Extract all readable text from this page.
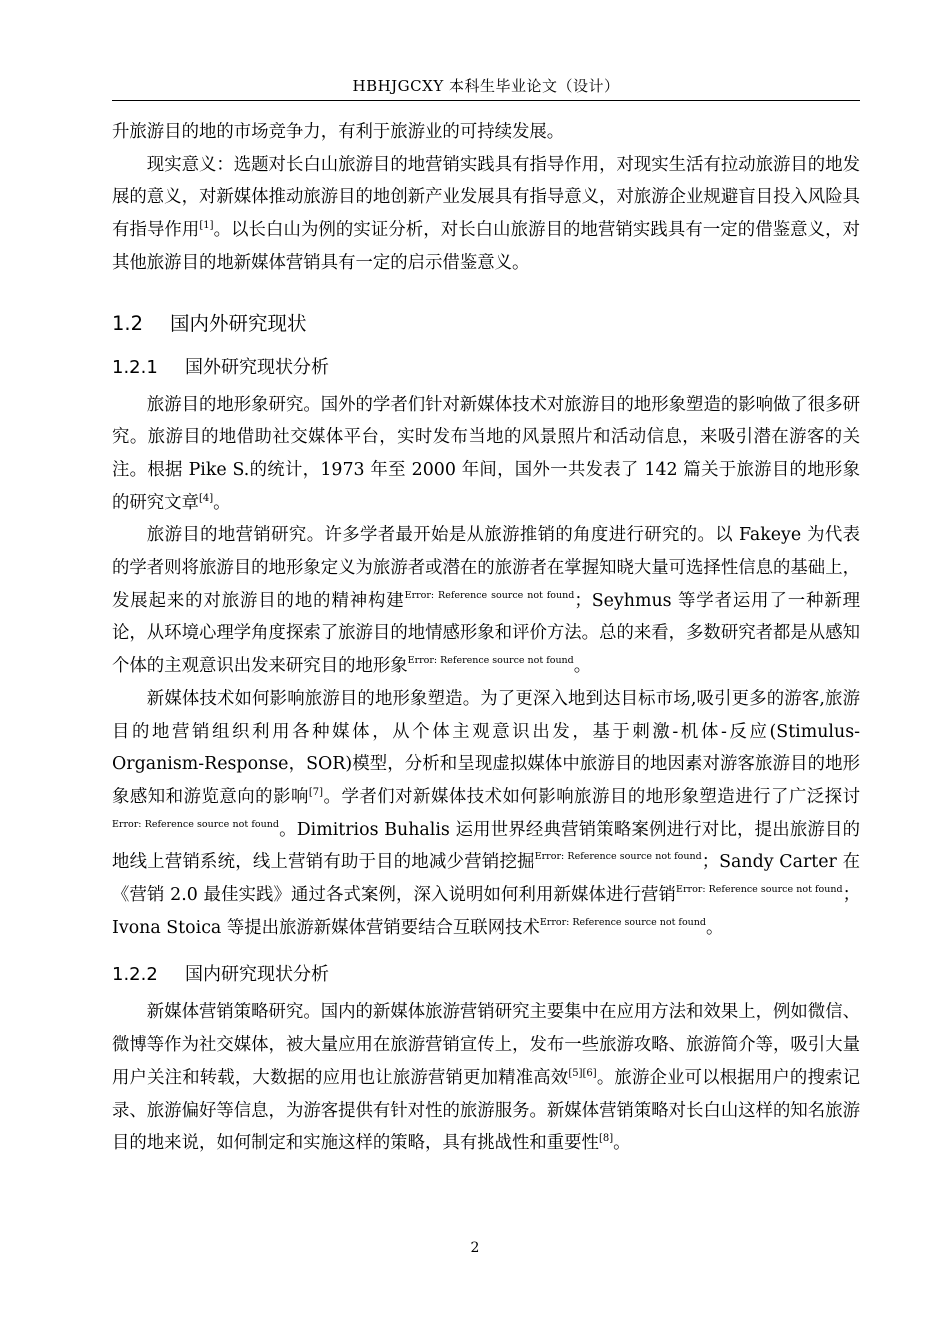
HBHJGCXY 本科生毕业论文（设计）

升旅游目的地的市场竞争力，有利于旅游业的可持续发展。

现实意义：选题对长白山旅游目的地营销实践具有指导作用，对现实生活有拉动旅游目的地发展的意义，对新媒体推动旅游目的地创新产业发展具有指导意义，对旅游企业规避盲目投入风险具有指导作用[1]。以长白山为例的实证分析，对长白山旅游目的地营销实践具有一定的借鉴意义，对其他旅游目的地新媒体营销具有一定的启示借鉴意义。

1.2 国内外研究现状
1.2.1 国外研究现状分析

旅游目的地形象研究。国外的学者们针对新媒体技术对旅游目的地形象塑造的影响做了很多研究。旅游目的地借助社交媒体平台，实时发布当地的风景照片和活动信息，来吸引潜在游客的关注。根据 Pike S.的统计，1973 年至 2000 年间，国外一共发表了 142 篇关于旅游目的地形象的研究文章[4]。

旅游目的地营销研究。许多学者最开始是从旅游推销的角度进行研究的。以 Fakeye 为代表的学者则将旅游目的地形象定义为旅游者或潜在的旅游者在掌握知晓大量可选择性信息的基础上，发展起来的对旅游目的地的精神构建$^{Error: Reference source not found}$；Seyhmus 等学者运用了一种新理论，从环境心理学角度探索了旅游目的地情感形象和评价方法。总的来看，多数研究者都是从感知个体的主观意识出发来研究目的地形象$^{Error: Reference source not found}$。

新媒体技术如何影响旅游目的地形象塑造。为了更深入地到达目标市场,吸引更多的游客,旅游目的地营销组织利用各种媒体，从个体主观意识出发，基于刺激-机体-反应(Stimulus-Organism-Response，SOR)模型，分析和呈现虚拟媒体中旅游目的地因素对游客旅游目的地形象感知和游览意向的影响[7]。学者们对新媒体技术如何影响旅游目的地形象塑造进行了广泛探讨$^{Error: Reference source not found}$。Dimitrios Buhalis 运用世界经典营销策略案例进行对比，提出旅游目的地线上营销系统，线上营销有助于目的地减少营销挖掘$^{Error: Reference source not found}$；Sandy Carter 在《营销 2.0 最佳实践》通过各式案例，深入说明如何利用新媒体进行营销$^{Error: Reference source not found}$；Ivona Stoica 等提出旅游新媒体营销要结合互联网技术$^{Error: Reference source not found}$。

1.2.2 国内研究现状分析

新媒体营销策略研究。国内的新媒体旅游营销研究主要集中在应用方法和效果上，例如微信、微博等作为社交媒体，被大量应用在旅游营销宣传上，发布一些旅游攻略、旅游简介等，吸引大量用户关注和转载，大数据的应用也让旅游营销更加精准高效[5][6]。旅游企业可以根据用户的搜索记录、旅游偏好等信息，为游客提供有针对性的旅游服务。新媒体营销策略对长白山这样的知名旅游目的地来说，如何制定和实施这样的策略，具有挑战性和重要性[8]。

2
